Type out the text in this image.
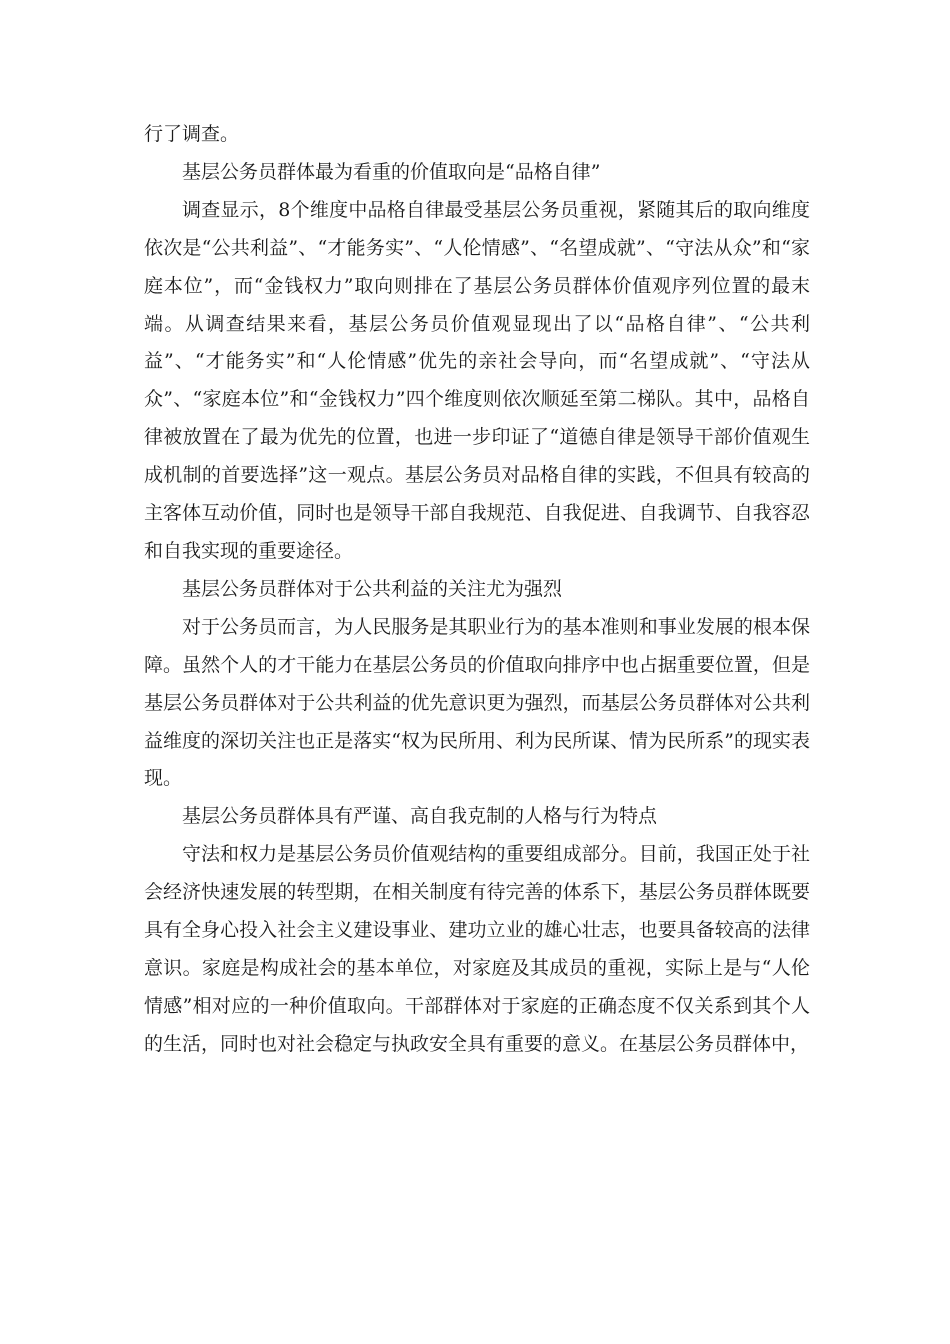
行了调查。

基层公务员群体最为看重的价值取向是“品格自律”

调查显示，8个维度中品格自律最受基层公务员重视，紧随其后的取向维度依次是“公共利益”、“才能务实”、“人伦情感”、“名望成就”、“守法从众”和“家庭本位”，而“金钱权力”取向则排在了基层公务员群体价值观序列位置的最末端。从调查结果来看，基层公务员价值观显现出了以“品格自律”、“公共利益”、“才能务实”和“人伦情感”优先的亲社会导向，而“名望成就”、“守法从众”、“家庭本位”和“金钱权力”四个维度则依次顺延至第二梯队。其中，品格自律被放置在了最为优先的位置，也进一步印证了“道德自律是领导干部价值观生成机制的首要选择”这一观点。基层公务员对品格自律的实践，不但具有较高的主客体互动价值，同时也是领导干部自我规范、自我促进、自我调节、自我容忍和自我实现的重要途径。

基层公务员群体对于公共利益的关注尤为强烈

对于公务员而言，为人民服务是其职业行为的基本准则和事业发展的根本保障。虽然个人的才干能力在基层公务员的价值取向排序中也占据重要位置，但是基层公务员群体对于公共利益的优先意识更为强烈，而基层公务员群体对公共利益维度的深切关注也正是落实“权为民所用、利为民所谋、情为民所系”的现实表现。

基层公务员群体具有严谨、高自我克制的人格与行为特点

守法和权力是基层公务员价值观结构的重要组成部分。目前，我国正处于社会经济快速发展的转型期，在相关制度有待完善的体系下，基层公务员群体既要具有全身心投入社会主义建设事业、建功立业的雄心壮志，也要具备较高的法律意识。家庭是构成社会的基本单位，对家庭及其成员的重视，实际上是与“人伦情感”相对应的一种价值取向。干部群体对于家庭的正确态度不仅关系到其个人的生活，同时也对社会稳定与执政安全具有重要的意义。在基层公务员群体中，
